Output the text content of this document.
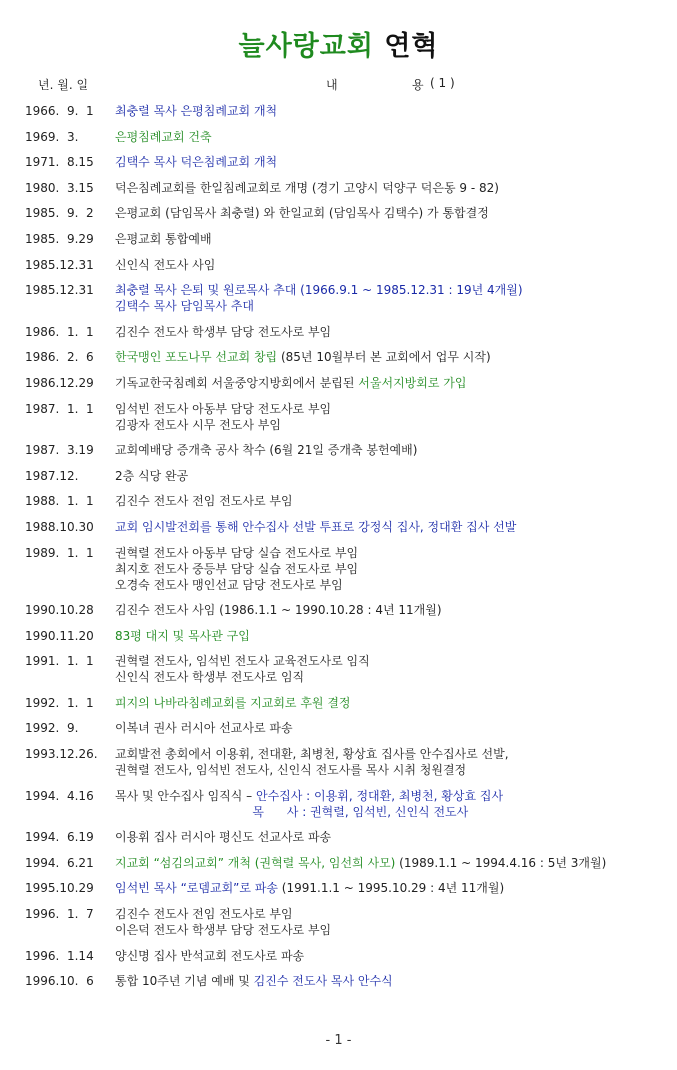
늘사랑교회 연혁
년. 월. 일	내	용 ( 1 )
1966.  9.  1 최충렬 목사 은평침례교회 개척
1969.  3.	은평침례교회 건축
1971.  8.15 김택수 목사 덕은침례교회 개척
1980.  3.15 덕은침례교회를 한일침례교회로 개명 (경기 고양시 덕양구 덕은동 9 - 82)
1985.  9.  2 은평교회 (담임목사 최충렬) 와 한일교회 (담임목사 김택수) 가 통합결정
1985.  9.29 은평교회 통합예배
1985.12.31 신인식 전도사 사임
1985.12.31 최충렬 목사 은퇴 및 원로목사 추대 (1966.9.1 ~ 1985.12.31 : 19년 4개월)
김택수 목사 담임목사 추대
1986.  1.  1 김진수 전도사 학생부 담당 전도사로 부임
1986.  2.  6 한국맹인 포도나무 선교회 창립 (85년 10월부터 본 교회에서 업무 시작)
1986.12.29 기독교한국침례회 서울중앙지방회에서 분립된 서울서지방회로 가입
1987.  1.  1 임석빈 전도사 아동부 담당 전도사로 부임
김광자 전도사 시무 전도사 부임
1987.  3.19 교회예배당 증개축 공사 착수 (6월 21일 증개축 봉헌예배)
1987.12.	2층 식당 완공
1988.  1.  1 김진수 전도사 전임 전도사로 부임
1988.10.30 교회 임시발전회를 통해 안수집사 선발 투표로 강정식 집사, 정대환 집사 선발
1989.  1.  1 권혁렬 전도사 아동부 담당 실습 전도사로 부임
최지호 전도사 중등부 담당 실습 전도사로 부임
오경숙 전도사 맹인선교 담당 전도사로 부임
1990.10.28 김진수 전도사 사임 (1986.1.1 ~ 1990.10.28 : 4년 11개월)
1990.11.20 83평 대지 및 목사관 구입
1991.  1.  1 권혁렬 전도사, 임석빈 전도사 교육전도사로 임직
신인식 전도사 학생부 전도사로 임직
1992.  1.  1 피지의 나바라침례교회를 지교회로 후원 결정
1992.  9.	이복녀 권사 러시아 선교사로 파송
1993.12.26. 교회발전 총회에서 이용휘, 전대환, 최병천, 황상효 집사를 안수집사로 선발,
권혁렬 전도사, 임석빈 전도사, 신인식 전도사를 목사 시취 청원결정
1994.  4.16 목사 및 안수집사 임직식 – 안수집사 : 이용휘, 정대환, 최병천, 황상효 집사
목      사 : 권혁렬, 임석빈, 신인식 전도사
1994.  6.19 이용휘 집사 러시아 평신도 선교사로 파송
1994.  6.21 지교회 “섬김의교회” 개척 (권혁렬 목사, 임선희 사모) (1989.1.1 ~ 1994.4.16 : 5년 3개월)
1995.10.29 임석빈 목사 “로뎀교회”로 파송 (1991.1.1 ~ 1995.10.29 : 4년 11개월)
1996.  1.  7 김진수 전도사 전임 전도사로 부임
이은덕 전도사 학생부 담당 전도사로 부임
1996.  1.14 양신명 집사 반석교회 전도사로 파송
1996.10.  6 통합 10주년 기념 예배 및 김진수 전도사 목사 안수식
- 1 -
